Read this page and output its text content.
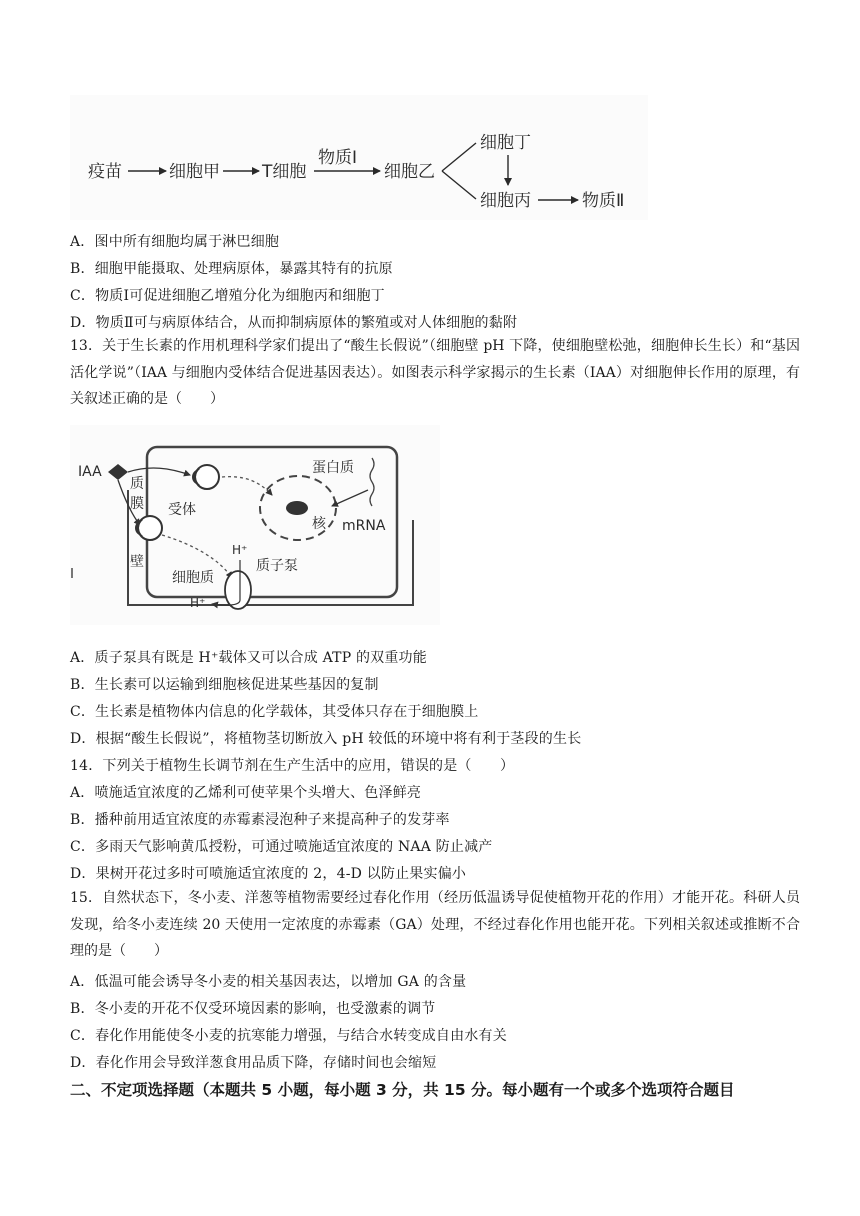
疫苗	细胞甲 T细胞
物质Ⅰ
细胞乙
细胞丁
细胞丙	物质Ⅱ
A．图中所有细胞均属于淋巴细胞
B．细胞甲能摄取、处理病原体，暴露其特有的抗原
C．物质Ⅰ可促进细胞乙增殖分化为细胞丙和细胞丁
D．物质Ⅱ可与病原体结合，从而抑制病原体的繁殖或对人体细胞的黏附
13．关于生长素的作用机理科学家们提出了“酸生长假说”（细胞壁 pH 下降，使细胞壁松弛，细胞伸长生长）和“基因活化学说”（IAA 与细胞内受体结合促进基因表达）。如图表示科学家揭示的生长素（IAA）对细胞伸长作用的原理，有关叙述正确的是（　　）
IAA
质
膜 受体
核
蛋白质
mRNA
壁
细胞质
H⁺
质子泵
H⁺
A．质子泵具有既是 H⁺载体又可以合成 ATP 的双重功能
B．生长素可以运输到细胞核促进某些基因的复制
C．生长素是植物体内信息的化学载体，其受体只存在于细胞膜上
D．根据“酸生长假说”，将植物茎切断放入 pH 较低的环境中将有利于茎段的生长
14．下列关于植物生长调节剂在生产生活中的应用，错误的是（　　）
A．喷施适宜浓度的乙烯利可使苹果个头增大、色泽鲜亮
B．播种前用适宜浓度的赤霉素浸泡种子来提高种子的发芽率
C．多雨天气影响黄瓜授粉，可通过喷施适宜浓度的 NAA 防止减产
D．果树开花过多时可喷施适宜浓度的 2，4-D 以防止果实偏小
15．自然状态下，冬小麦、洋葱等植物需要经过春化作用（经历低温诱导促使植物开花的作用）才能开花。科研人员发现，给冬小麦连续 20 天使用一定浓度的赤霉素（GA）处理，不经过春化作用也能开花。下列相关叙述或推断不合理的是（　　）
A．低温可能会诱导冬小麦的相关基因表达，以增加 GA 的含量
B．冬小麦的开花不仅受环境因素的影响，也受激素的调节
C．春化作用能使冬小麦的抗寒能力增强，与结合水转变成自由水有关
D．春化作用会导致洋葱食用品质下降，存储时间也会缩短
二、不定项选择题（本题共 5 小题，每小题 3 分，共 15 分。每小题有一个或多个选项符合题目
